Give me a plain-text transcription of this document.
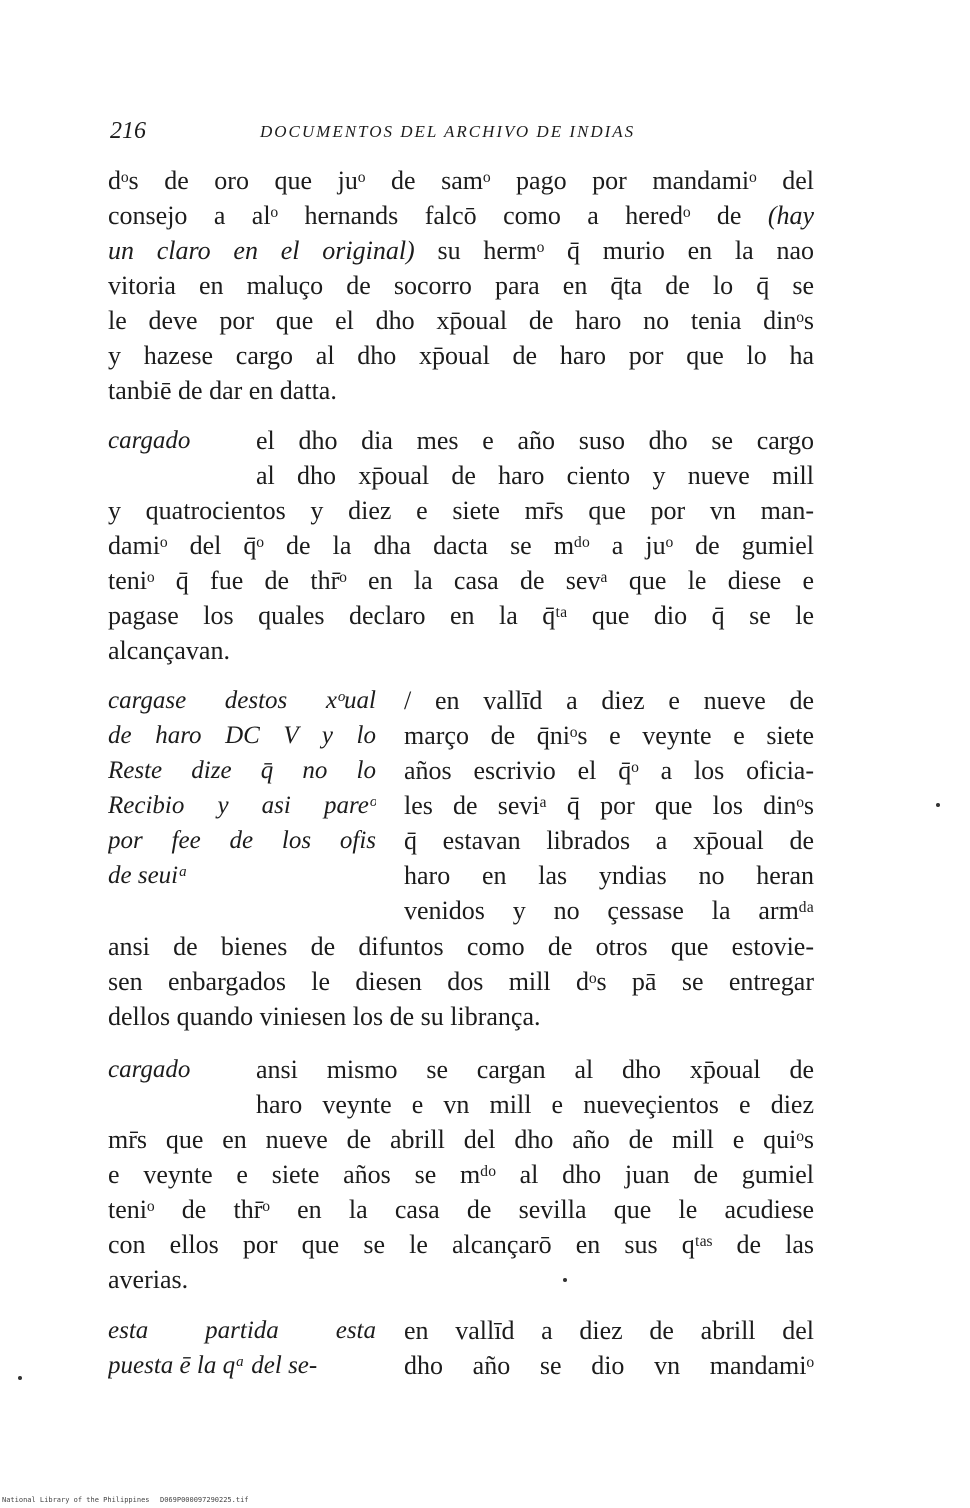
216	DOCUMENTOS DEL ARCHIVO DE INDIAS
dᵒs de oro que juᵒ de samᵒ pago por mandamiᵒ del
consejo a alᵒ hernands falcō como a heredᵒ de (hay
un claro en el original) su hermᵒ q̄ murio en la nao
vitoria en maluço de socorro para en q̄ta de lo q̄ se
le deve por que el dho xp̄oual de haro no tenia dinᵒs
y hazese cargo al dho xp̄oual de haro por que lo ha
tanbiē de dar en datta.
cargado	el dho dia mes e año suso dho se cargo
al dho xp̄oual de haro ciento y nueve mill
y quatrocientos y diez e siete mr̄s que por vn man-
damiᵒ del q̄ᵒ de la dha dacta se mᵈᵒ a juᵒ de gumiel
teniᵒ q̄ fue de thr̄ᵒ en la casa de sevᵃ que le diese e
pagase los quales declaro en la q̄ᵗᵃ que dio q̄ se le
alcançavan.
cargase destos xᵒual
de haro DC V y lo
Reste dize q̄ no lo
Recibio y asi pareᵒ
por fee de los ofis
de seuiᵃ
/ en vallīd a diez e nueve de
março de q̄niᵒs e veynte e siete
años escrivio el q̄ᵒ a los oficia-
les de seviᵃ q̄ por que los dinᵒs
q̄ estavan librados a xp̄oual de
haro en las yndias no heran
venidos y no çessase la armᵈᵃ
ansi de bienes de difuntos como de otros que estovie-
sen enbargados le diesen dos mill dᵒs pā se entregar
dellos quando viniesen los de su librança.
cargado	ansi mismo se cargan al dho xp̄oual de
haro veynte e vn mill e nueveçientos e diez
mr̄s que en nueve de abrill del dho año de mill e quiᵒs
e veynte e siete años se mᵈᵒ al dho juan de gumiel
teniᵒ de thr̄ᵒ en la casa de sevilla que le acudiese
con ellos por que se le alcançarō en sus qᵗᵃˢ de las
averias.
esta partida esta
puesta ē la qᵃ del se-
en vallīd a diez de abrill del
dho año se dio vn mandamiᵒ
National Library of the Philippines D069P000097290225.tif
